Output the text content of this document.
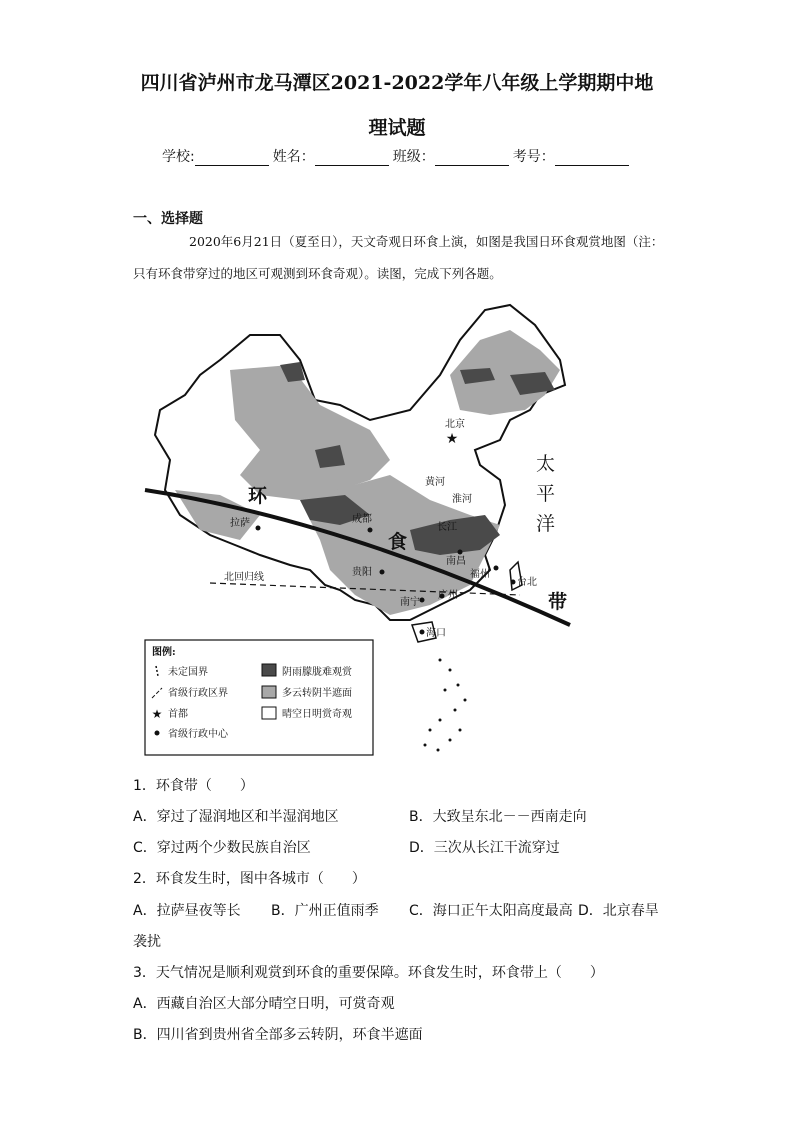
四川省泸州市龙马潭区2021-2022学年八年级上学期期中地
理试题
学校:	姓名：	班级：	考号：
一、选择题
2020年6月21日（夏至日），天文奇观日环食上演，如图是我国日环食观赏地图（注：只有环食带穿过的地区可观测到环食奇观）。读图，完成下列各题。
★
北京
成都
拉萨
贵阳
南昌
福州
台北
南宁
广州
海口
黄河
淮河
长江
环
食
带
太
平
洋
北回归线
图例:
未定国界
省级行政区界
★ 首都
省级行政中心
阴雨朦胧难观赏
多云转阴半遮面
晴空日明赏奇观
1．环食带（　　）
A．穿过了湿润地区和半湿润地区	B．大致呈东北－－西南走向
C．穿过两个少数民族自治区	D．三次从长江干流穿过
2．环食发生时，图中各城市（　　）
A．拉萨昼夜等长 B．广州正值雨季 C．海口正午太阳高度最高 D．北京春旱
袭扰
3．天气情况是顺利观赏到环食的重要保障。环食发生时，环食带上（　　）
A．西藏自治区大部分晴空日明，可赏奇观
B．四川省到贵州省全部多云转阴，环食半遮面
